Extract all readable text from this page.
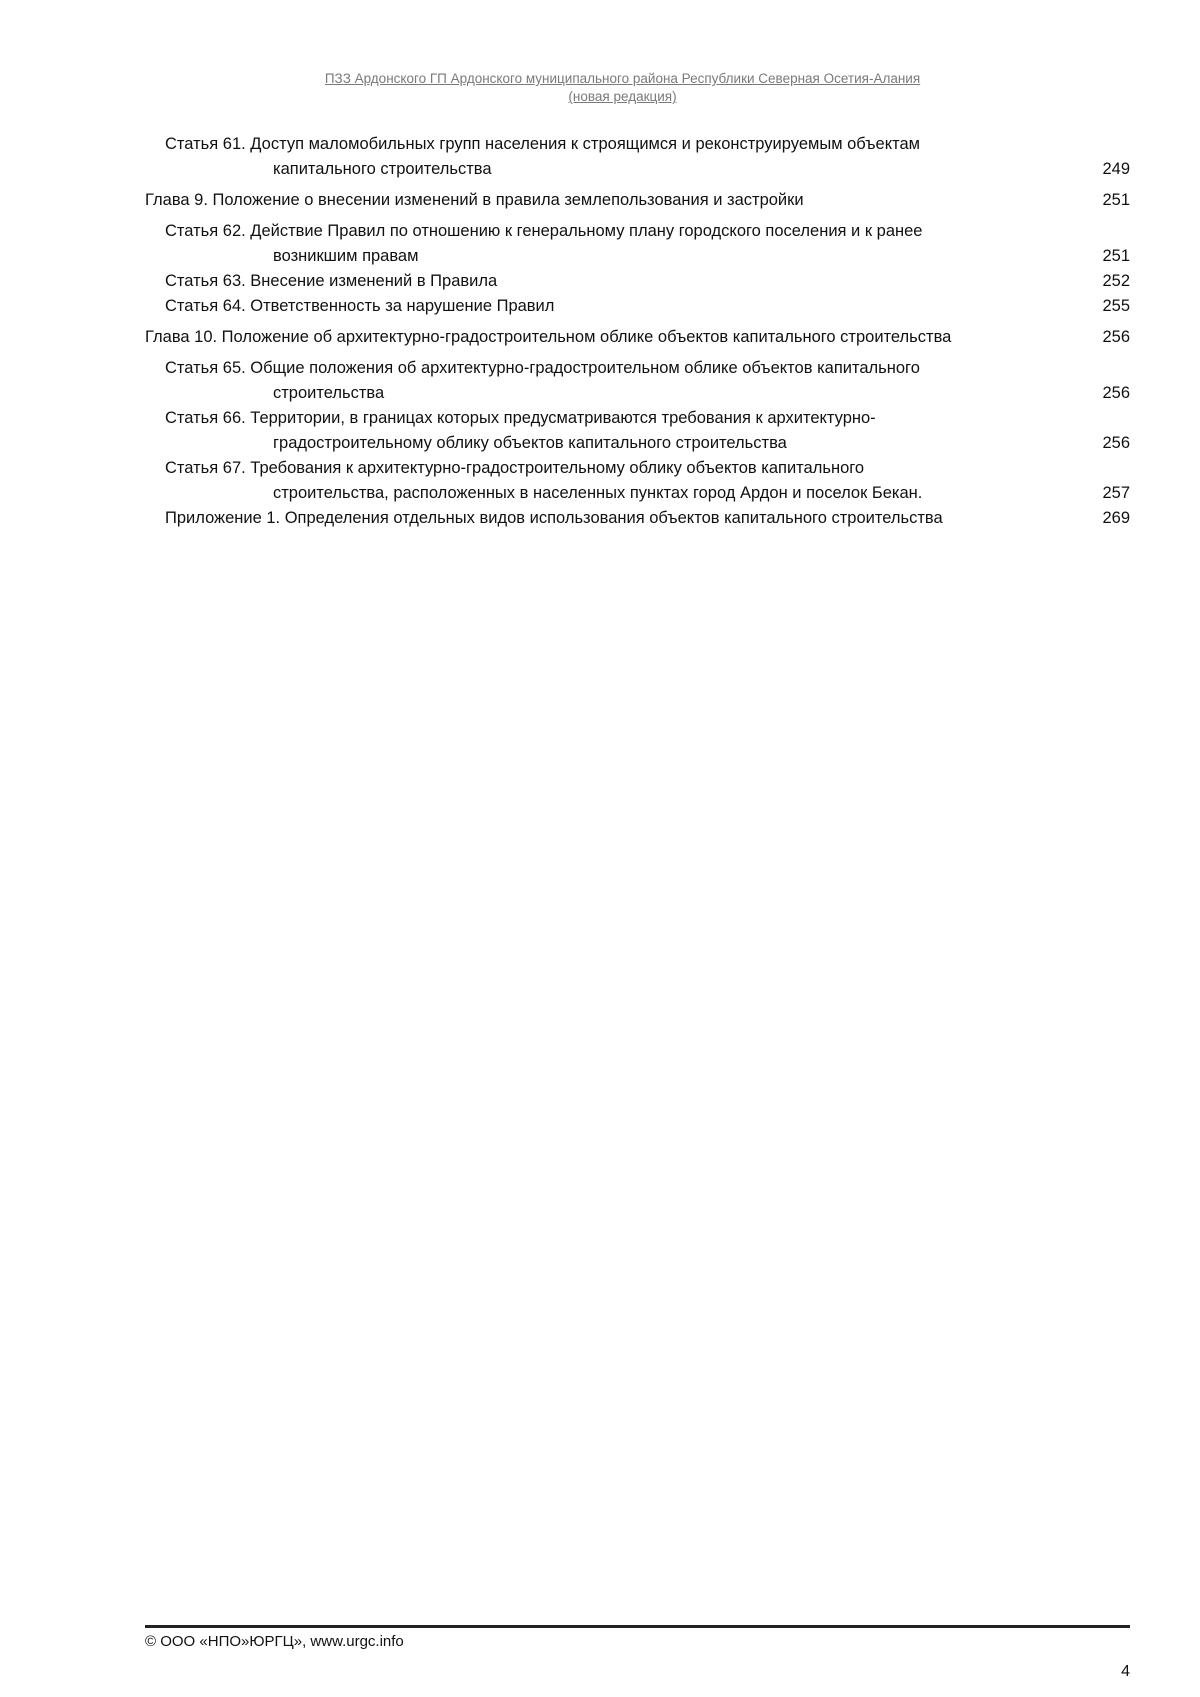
ПЗЗ Ардонского ГП Ардонского муниципального района Республики Северная Осетия-Алания
(новая редакция)
Статья 61. Доступ маломобильных групп населения к строящимся и реконструируемым объектам
капитального строительства	249
Глава 9. Положение о внесении изменений в правила землепользования и застройки	251
Статья 62. Действие Правил по отношению к генеральному плану городского поселения и к ранее
возникшим правам	251
Статья 63. Внесение изменений в Правила	252
Статья 64. Ответственность за нарушение Правил	255
Глава 10. Положение об архитектурно-градостроительном облике объектов капитального строительства	256
Статья 65. Общие положения об архитектурно-градостроительном облике объектов капитального
строительства	256
Статья 66. Территории, в границах которых предусматриваются требования к архитектурно-
градостроительному облику объектов капитального строительства	256
Статья 67. Требования к архитектурно-градостроительному облику объектов капитального
строительства, расположенных в населенных пунктах город Ардон и поселок Бекан.	257
Приложение 1. Определения отдельных видов использования объектов капитального строительства	269
© ООО «НПО»ЮРГЦ», www.urgc.info
4
